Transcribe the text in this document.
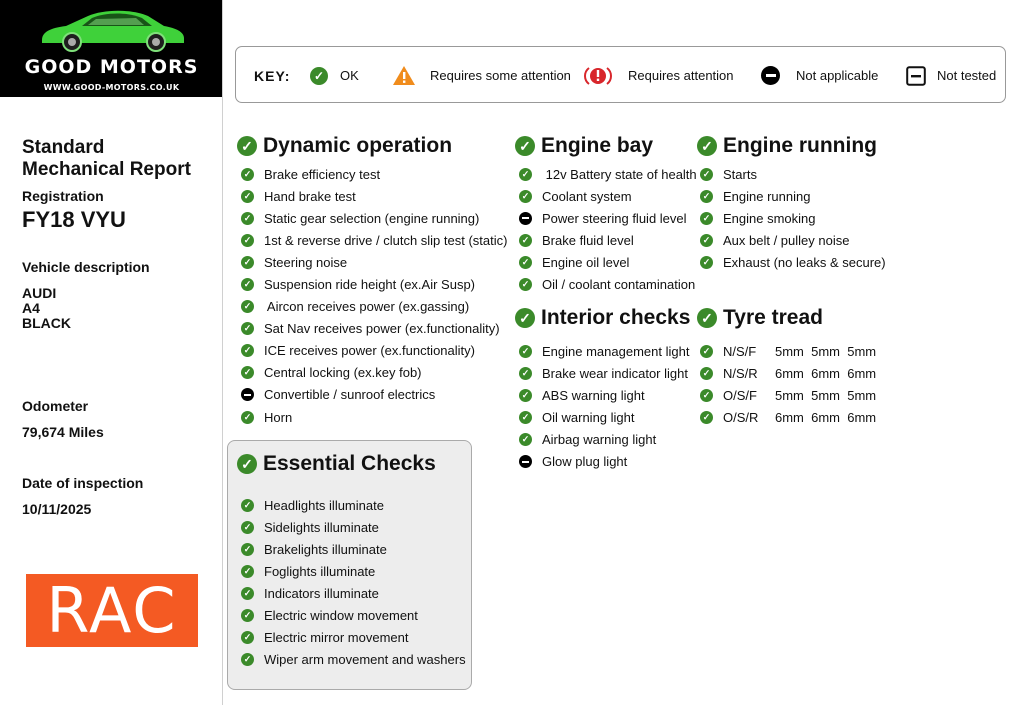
GOOD MOTORS
WWW.GOOD-MOTORS.CO.UK
Standard Mechanical Report
Registration
FY18 VYU
Vehicle description
AUDI
A4
BLACK
Odometer
79,674 Miles
Date of inspection
10/11/2025
RAC
KEY:	✓	OK	Requires some attention	Requires attention	Not applicable	Not tested
✓ Dynamic operation
✓ Brake efficiency test
✓ Hand brake test
✓ Static gear selection (engine running)
✓ 1st & reverse drive / clutch slip test (static)
✓ Steering noise
✓ Suspension ride height (ex.Air Susp)
✓ Aircon receives power (ex.gassing)
✓ Sat Nav receives power (ex.functionality)
✓ ICE receives power (ex.functionality)
✓ Central locking (ex.key fob)
Convertible / sunroof electrics
✓ Horn
✓ Essential Checks
✓ Headlights illuminate
✓ Sidelights illuminate
✓ Brakelights illuminate
✓ Foglights illuminate
✓ Indicators illuminate
✓ Electric window movement
✓ Electric mirror movement
✓ Wiper arm movement and washers
✓ Engine bay
✓ 12v Battery state of health
✓ Coolant system
Power steering fluid level
✓ Brake fluid level
✓ Engine oil level
✓ Oil / coolant contamination
✓ Interior checks
✓ Engine management light
✓ Brake wear indicator light
✓ ABS warning light
✓ Oil warning light
✓ Airbag warning light
Glow plug light
✓ Engine running
✓ Starts
✓ Engine running
✓ Engine smoking
✓ Aux belt / pulley noise
✓ Exhaust (no leaks & secure)
✓ Tyre tread
✓ N/S/F	5mm  5mm  5mm
✓ N/S/R	6mm  6mm  6mm
✓ O/S/F	5mm  5mm  5mm
✓ O/S/R	6mm  6mm  6mm
